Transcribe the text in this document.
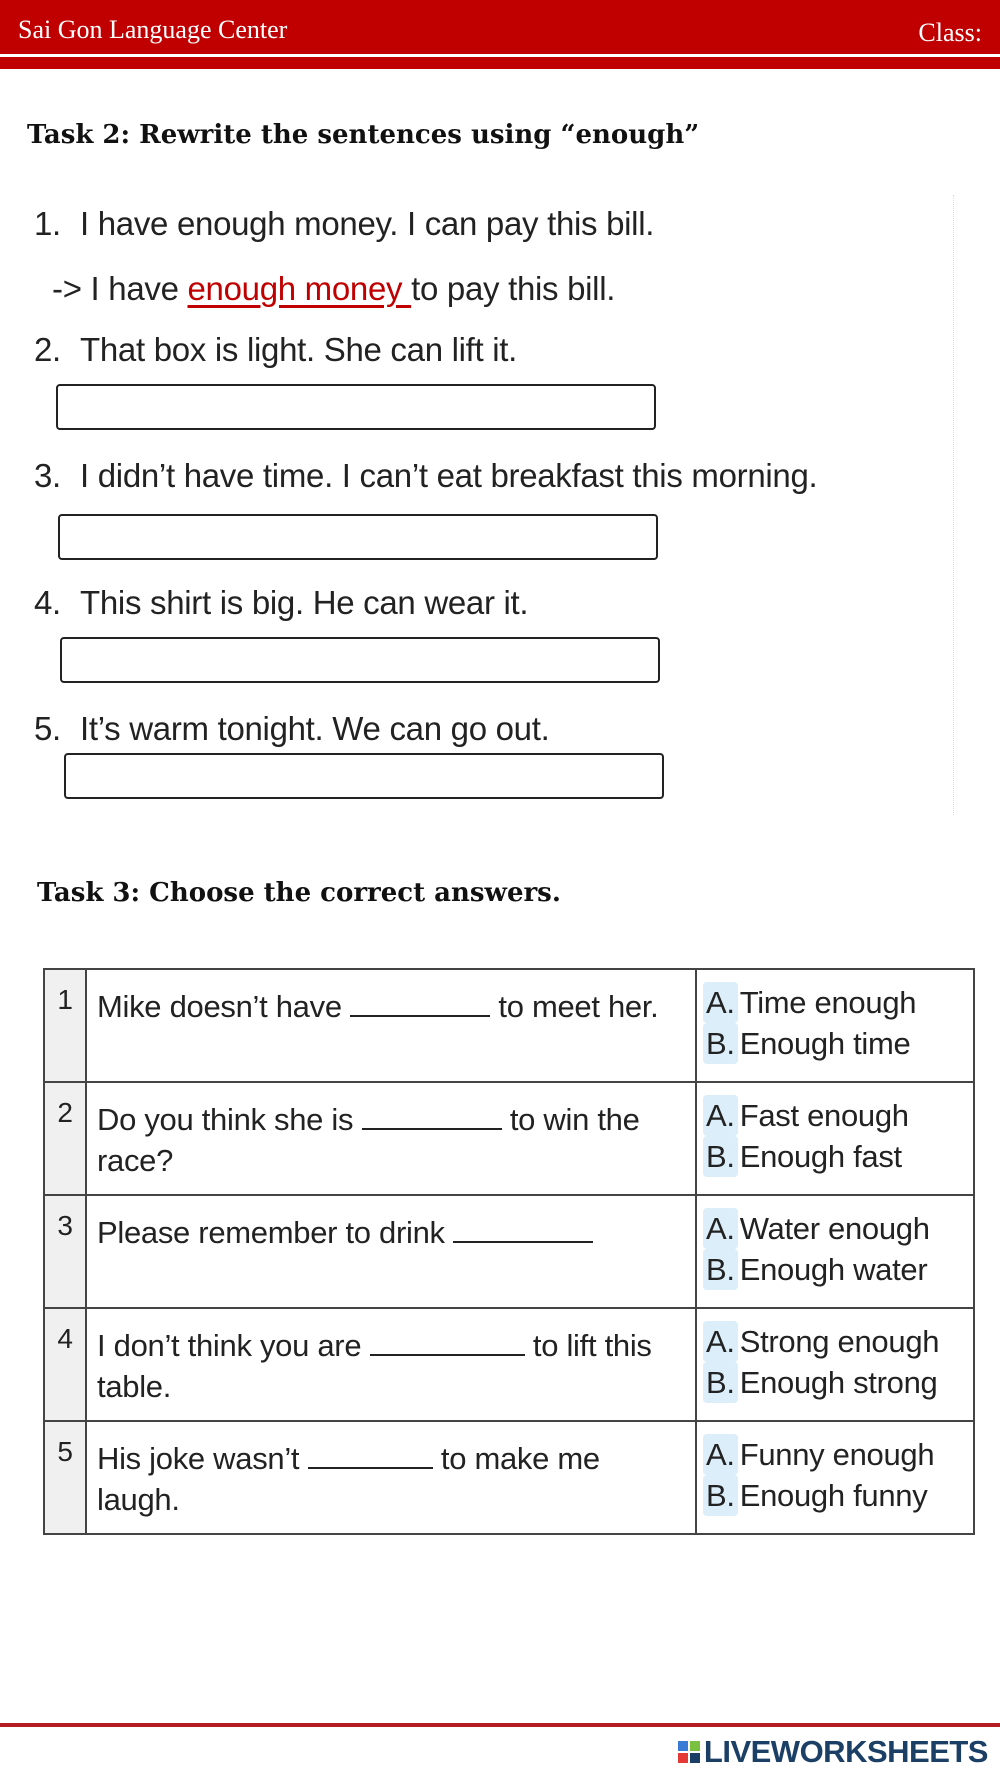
Sai Gon Language Center	Class:
Task 2: Rewrite the sentences using “enough”
1. I have enough money. I can pay this bill.
-> I have enough money to pay this bill.
2. That box is light. She can lift it.
3. I didn’t have time. I can’t eat breakfast this morning.
4. This shirt is big. He can wear it.
5. It’s warm tonight. We can go out.
Task 3: Choose the correct answers.
1	Mike doesn’t have to meet her.	A. Time enough
B. Enough time

2	Do you think she is to win the race?	A. Fast enough
B. Enough fast

3	Please remember to drink	A. Water enough
B. Enough water

4	I don’t think you are to lift this table.	A. Strong enough
B. Enough strong

5	His joke wasn’t to make me laugh.	A. Funny enough
B. Enough funny
LIVEWORKSHEETS
